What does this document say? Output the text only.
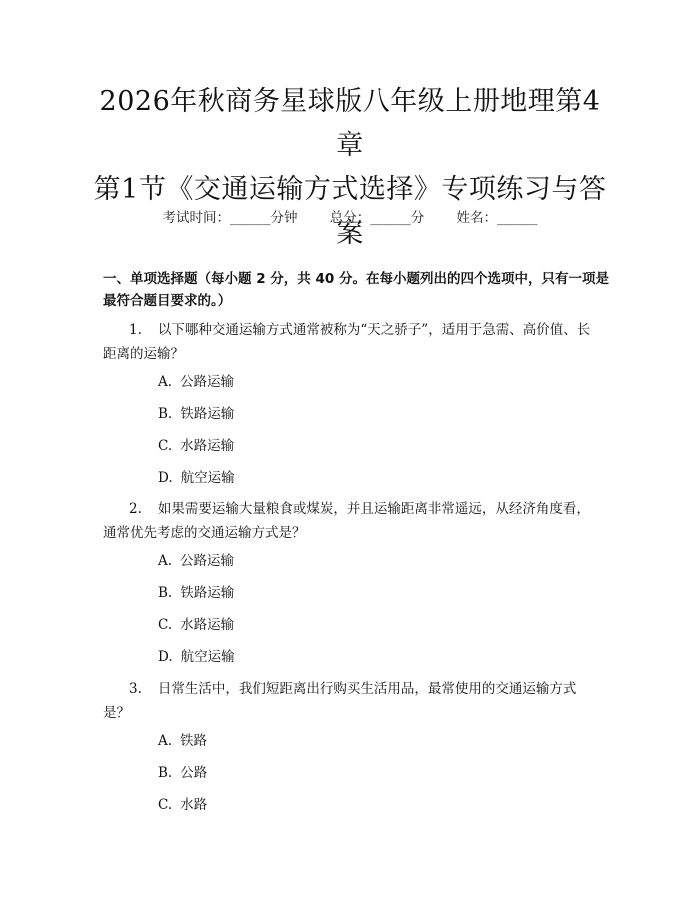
2026年秋商务星球版八年级上册地理第4章
第1节《交通运输方式选择》专项练习与答
案
考试时间：______分钟 总分：______分 姓名：______
一、单项选择题（每小题 2 分，共 40 分。在每小题列出的四个选项中，只有一项是最符合题目要求的。）
1. 以下哪种交通运输方式通常被称为“天之骄子”，适用于急需、高价值、长距离的运输？
A. 公路运输
B. 铁路运输
C. 水路运输
D. 航空运输
2. 如果需要运输大量粮食或煤炭，并且运输距离非常遥远，从经济角度看，通常优先考虑的交通运输方式是？
A. 公路运输
B. 铁路运输
C. 水路运输
D. 航空运输
3. 日常生活中，我们短距离出行购买生活用品，最常使用的交通运输方式是？
A. 铁路
B. 公路
C. 水路
